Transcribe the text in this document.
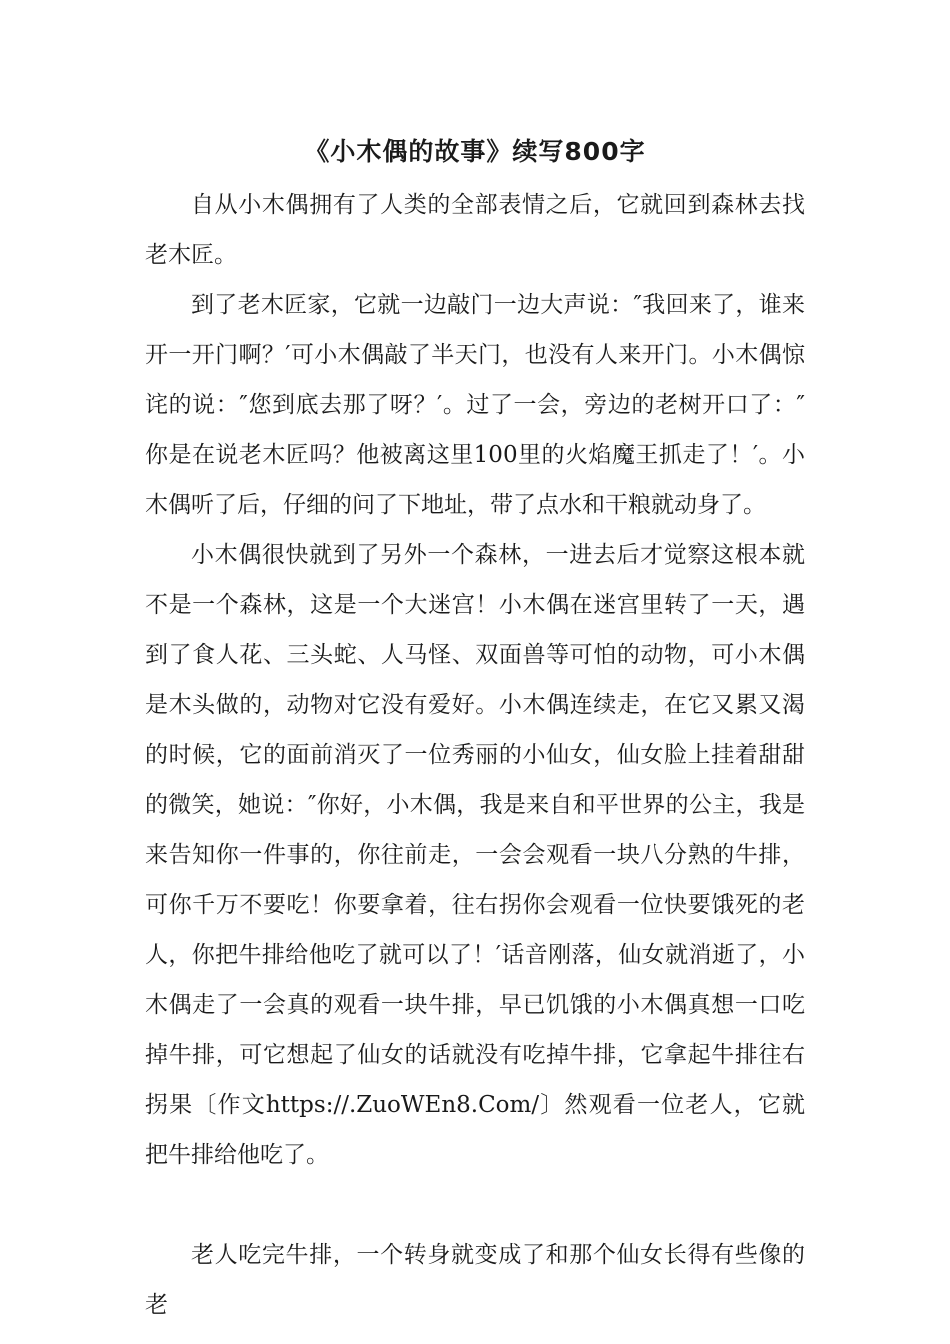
《小木偶的故事》续写800字

自从小木偶拥有了人类的全部表情之后，它就回到森林去找老木匠。

到了老木匠家，它就一边敲门一边大声说：″我回来了，谁来开一开门啊？′可小木偶敲了半天门，也没有人来开门。小木偶惊诧的说：″您到底去那了呀？′。过了一会，旁边的老树开口了：″你是在说老木匠吗？他被离这里100里的火焰魔王抓走了！′。小木偶听了后，仔细的问了下地址，带了点水和干粮就动身了。

小木偶很快就到了另外一个森林，一进去后才觉察这根本就不是一个森林，这是一个大迷宫！小木偶在迷宫里转了一天，遇到了食人花、三头蛇、人马怪、双面兽等可怕的动物，可小木偶是木头做的，动物对它没有爱好。小木偶连续走，在它又累又渴的时候，它的面前消灭了一位秀丽的小仙女，仙女脸上挂着甜甜的微笑，她说：″你好，小木偶，我是来自和平世界的公主，我是来告知你一件事的，你往前走，一会会观看一块八分熟的牛排，可你千万不要吃！你要拿着，往右拐你会观看一位快要饿死的老人，你把牛排给他吃了就可以了！′话音刚落，仙女就消逝了，小木偶走了一会真的观看一块牛排，早已饥饿的小木偶真想一口吃掉牛排，可它想起了仙女的话就没有吃掉牛排，它拿起牛排往右拐果〔作文https://.ZuoWEn8.Com/〕然观看一位老人，它就把牛排给他吃了。

老人吃完牛排，一个转身就变成了和那个仙女长得有些像的老
